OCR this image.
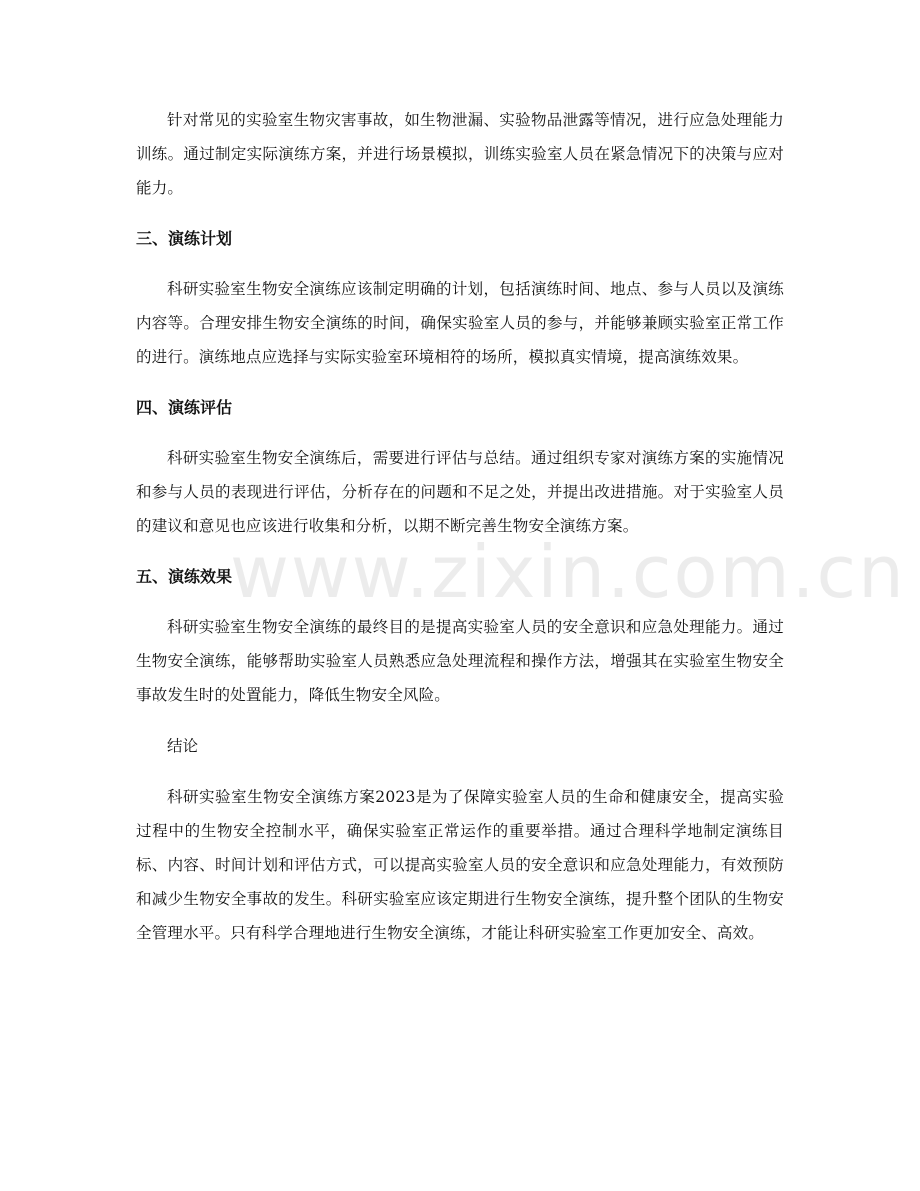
www.zixin.com.cn

针对常见的实验室生物灾害事故，如生物泄漏、实验物品泄露等情况，进行应急处理能力训练。通过制定实际演练方案，并进行场景模拟，训练实验室人员在紧急情况下的决策与应对能力。

三、演练计划

科研实验室生物安全演练应该制定明确的计划，包括演练时间、地点、参与人员以及演练内容等。合理安排生物安全演练的时间，确保实验室人员的参与，并能够兼顾实验室正常工作的进行。演练地点应选择与实际实验室环境相符的场所，模拟真实情境，提高演练效果。

四、演练评估

科研实验室生物安全演练后，需要进行评估与总结。通过组织专家对演练方案的实施情况和参与人员的表现进行评估，分析存在的问题和不足之处，并提出改进措施。对于实验室人员的建议和意见也应该进行收集和分析，以期不断完善生物安全演练方案。

五、演练效果

科研实验室生物安全演练的最终目的是提高实验室人员的安全意识和应急处理能力。通过生物安全演练，能够帮助实验室人员熟悉应急处理流程和操作方法，增强其在实验室生物安全事故发生时的处置能力，降低生物安全风险。

结论

科研实验室生物安全演练方案2023是为了保障实验室人员的生命和健康安全，提高实验过程中的生物安全控制水平，确保实验室正常运作的重要举措。通过合理科学地制定演练目标、内容、时间计划和评估方式，可以提高实验室人员的安全意识和应急处理能力，有效预防和减少生物安全事故的发生。科研实验室应该定期进行生物安全演练，提升整个团队的生物安全管理水平。只有科学合理地进行生物安全演练，才能让科研实验室工作更加安全、高效。
